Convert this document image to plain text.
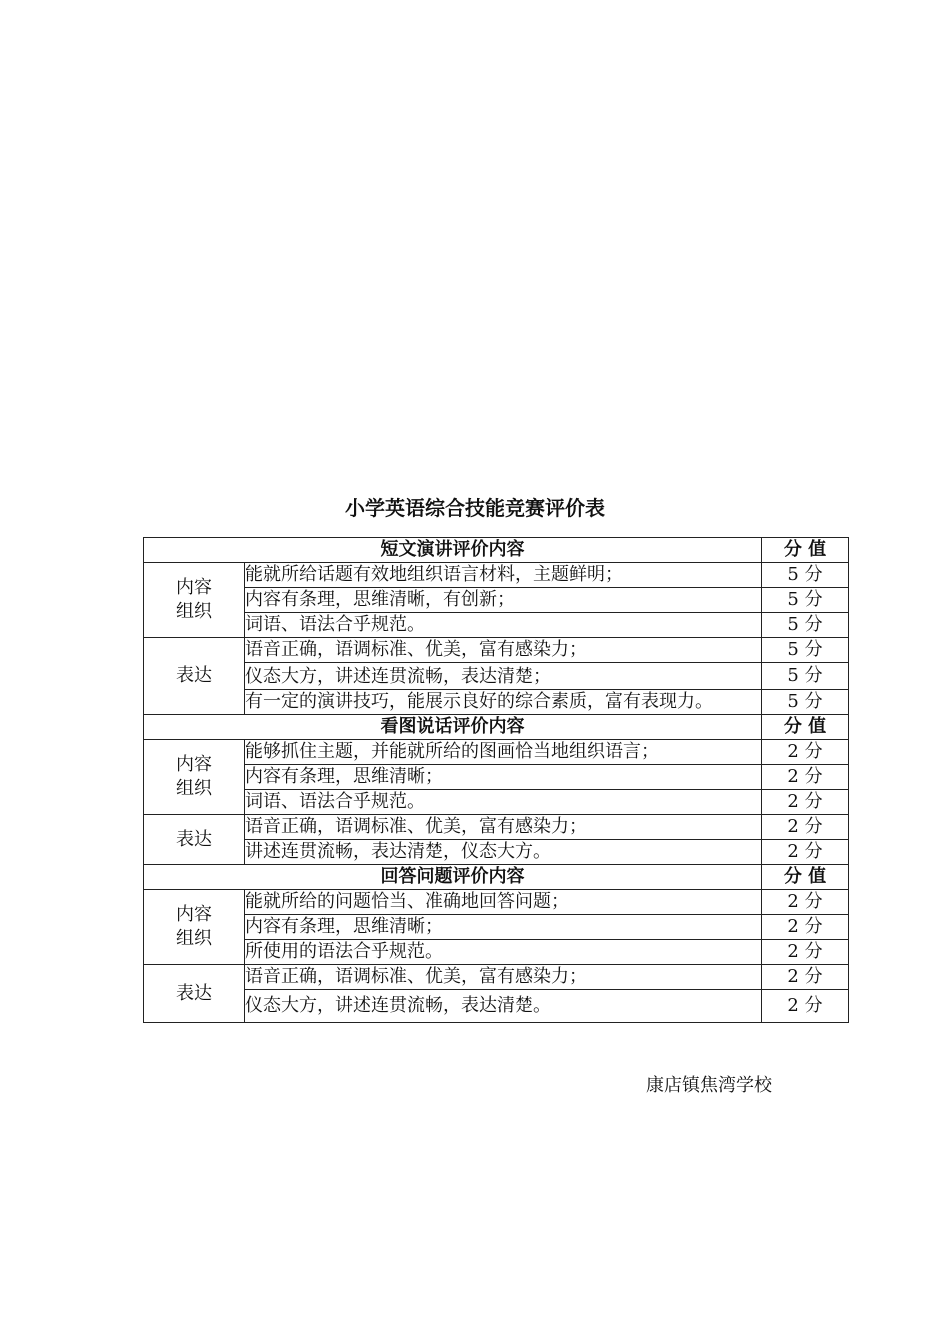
小学英语综合技能竞赛评价表
短文演讲评价内容		分 值
内容
组织	能就所给话题有效地组织语言材料，主题鲜明；	5 分
	内容有条理，思维清晰，有创新；	5 分
	词语、语法合乎规范。	5 分
表达	语音正确，语调标准、优美，富有感染力；	5 分
	仪态大方，讲述连贯流畅，表达清楚；	5 分
	有一定的演讲技巧，能展示良好的综合素质，富有表现力。	5 分
看图说话评价内容		分 值
内容
组织	能够抓住主题，并能就所给的图画恰当地组织语言；	2 分
	内容有条理，思维清晰；	2 分
	词语、语法合乎规范。	2 分
表达	语音正确，语调标准、优美，富有感染力；	2 分
	讲述连贯流畅，表达清楚，仪态大方。	2 分
回答问题评价内容		分 值
内容
组织	能就所给的问题恰当、准确地回答问题；	2 分
	内容有条理，思维清晰；	2 分
	所使用的语法合乎规范。	2 分
表达	语音正确，语调标准、优美，富有感染力；	2 分
	仪态大方，讲述连贯流畅，表达清楚。	2 分
康店镇焦湾学校
